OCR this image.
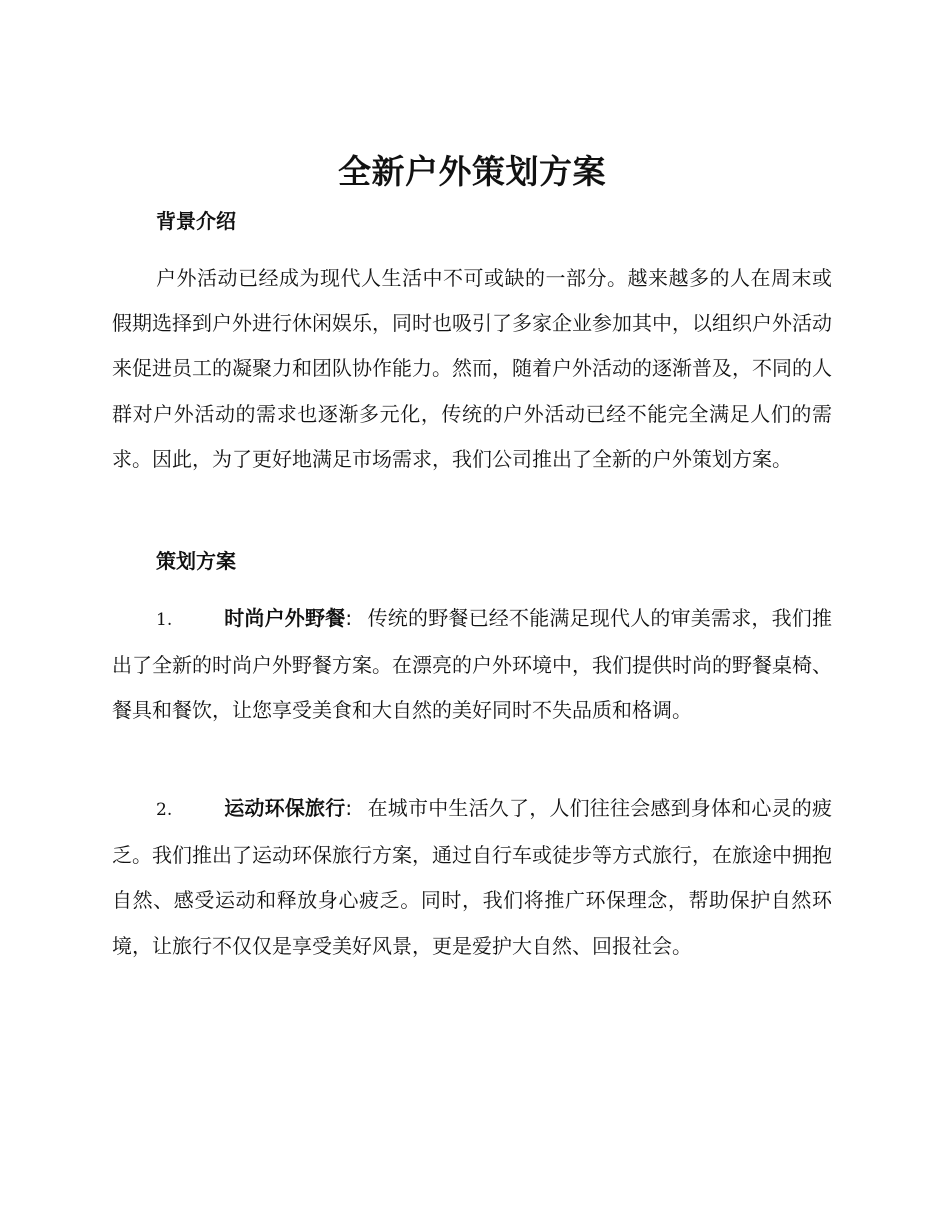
全新户外策划方案
背景介绍

户外活动已经成为现代人生活中不可或缺的一部分。越来越多的人在周末或假期选择到户外进行休闲娱乐，同时也吸引了多家企业参加其中，以组织户外活动来促进员工的凝聚力和团队协作能力。然而，随着户外活动的逐渐普及，不同的人群对户外活动的需求也逐渐多元化，传统的户外活动已经不能完全满足人们的需求。因此，为了更好地满足市场需求，我们公司推出了全新的户外策划方案。

策划方案

1.	时尚户外野餐: 传统的野餐已经不能满足现代人的审美需求，我们推出了全新的时尚户外野餐方案。在漂亮的户外环境中，我们提供时尚的野餐桌椅、餐具和餐饮，让您享受美食和大自然的美好同时不失品质和格调。

2.	运动环保旅行: 在城市中生活久了，人们往往会感到身体和心灵的疲乏。我们推出了运动环保旅行方案，通过自行车或徒步等方式旅行，在旅途中拥抱自然、感受运动和释放身心疲乏。同时，我们将推广环保理念，帮助保护自然环境，让旅行不仅仅是享受美好风景，更是爱护大自然、回报社会。
